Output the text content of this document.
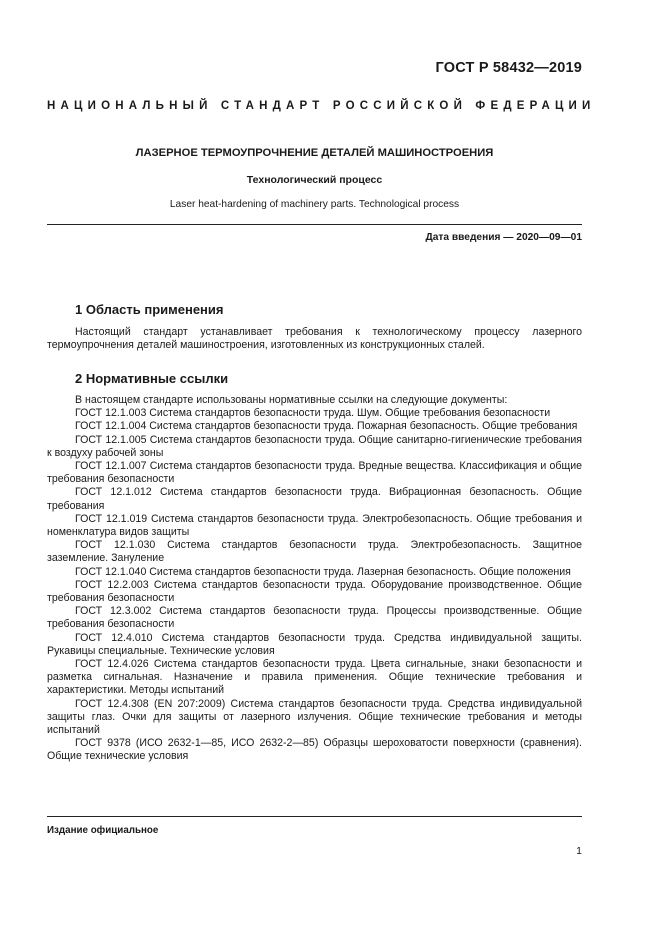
ГОСТ Р 58432—2019
НАЦИОНАЛЬНЫЙ СТАНДАРТ РОССИЙСКОЙ ФЕДЕРАЦИИ
ЛАЗЕРНОЕ ТЕРМОУПРОЧНЕНИЕ ДЕТАЛЕЙ МАШИНОСТРОЕНИЯ
Технологический процесс
Laser heat-hardening of machinery parts. Technological process
Дата введения — 2020—09—01
1 Область применения

Настоящий стандарт устанавливает требования к технологическому процессу лазерного термоупрочнения деталей машиностроения, изготовленных из конструкционных сталей.

2 Нормативные ссылки

В настоящем стандарте использованы нормативные ссылки на следующие документы:

ГОСТ 12.1.003 Система стандартов безопасности труда. Шум. Общие требования безопасности

ГОСТ 12.1.004 Система стандартов безопасности труда. Пожарная безопасность. Общие требования

ГОСТ 12.1.005 Система стандартов безопасности труда. Общие санитарно-гигиенические требования к воздуху рабочей зоны

ГОСТ 12.1.007 Система стандартов безопасности труда. Вредные вещества. Классификация и общие требования безопасности

ГОСТ 12.1.012 Система стандартов безопасности труда. Вибрационная безопасность. Общие требования

ГОСТ 12.1.019 Система стандартов безопасности труда. Электробезопасность. Общие требования и номенклатура видов защиты

ГОСТ 12.1.030 Система стандартов безопасности труда. Электробезопасность. Защитное заземление. Зануление

ГОСТ 12.1.040 Система стандартов безопасности труда. Лазерная безопасность. Общие положения

ГОСТ 12.2.003 Система стандартов безопасности труда. Оборудование производственное. Общие требования безопасности

ГОСТ 12.3.002 Система стандартов безопасности труда. Процессы производственные. Общие требования безопасности

ГОСТ 12.4.010 Система стандартов безопасности труда. Средства индивидуальной защиты. Рукавицы специальные. Технические условия

ГОСТ 12.4.026 Система стандартов безопасности труда. Цвета сигнальные, знаки безопасности и разметка сигнальная. Назначение и правила применения. Общие технические требования и характеристики. Методы испытаний

ГОСТ 12.4.308 (EN 207:2009) Система стандартов безопасности труда. Средства индивидуальной защиты глаз. Очки для защиты от лазерного излучения. Общие технические требования и методы испытаний

ГОСТ 9378 (ИСО 2632-1—85, ИСО 2632-2—85) Образцы шероховатости поверхности (сравнения). Общие технические условия

Издание официальное
1
